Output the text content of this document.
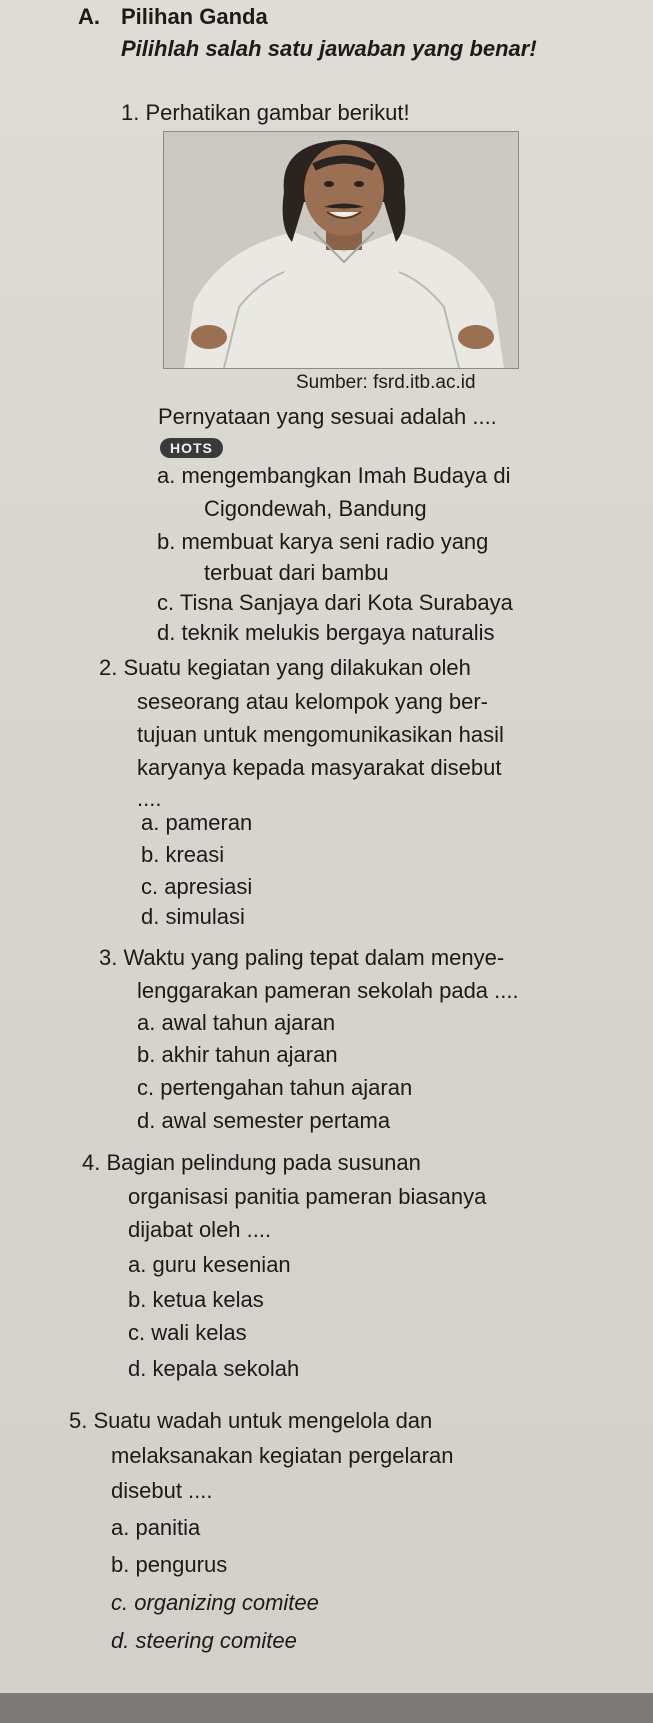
A. Pilihan Ganda
Pilihlah salah satu jawaban yang benar!
1. Perhatikan gambar berikut!
Sumber: fsrd.itb.ac.id
Pernyataan yang sesuai adalah ....
HOTS
a. mengembangkan Imah Budaya di
Cigondewah, Bandung
b. membuat karya seni radio yang
terbuat dari bambu
c. Tisna Sanjaya dari Kota Surabaya
d. teknik melukis bergaya naturalis
2. Suatu kegiatan yang dilakukan oleh
seseorang atau kelompok yang ber-
tujuan untuk mengomunikasikan hasil
karyanya kepada masyarakat disebut
....
a. pameran
b. kreasi
c. apresiasi
d. simulasi
3. Waktu yang paling tepat dalam menye-
lenggarakan pameran sekolah pada ....
a. awal tahun ajaran
b. akhir tahun ajaran
c. pertengahan tahun ajaran
d. awal semester pertama
4. Bagian pelindung pada susunan
organisasi panitia pameran biasanya
dijabat oleh ....
a. guru kesenian
b. ketua kelas
c. wali kelas
d. kepala sekolah
5. Suatu wadah untuk mengelola dan
melaksanakan kegiatan pergelaran
disebut ....
a. panitia
b. pengurus
c. organizing comitee
d. steering comitee
